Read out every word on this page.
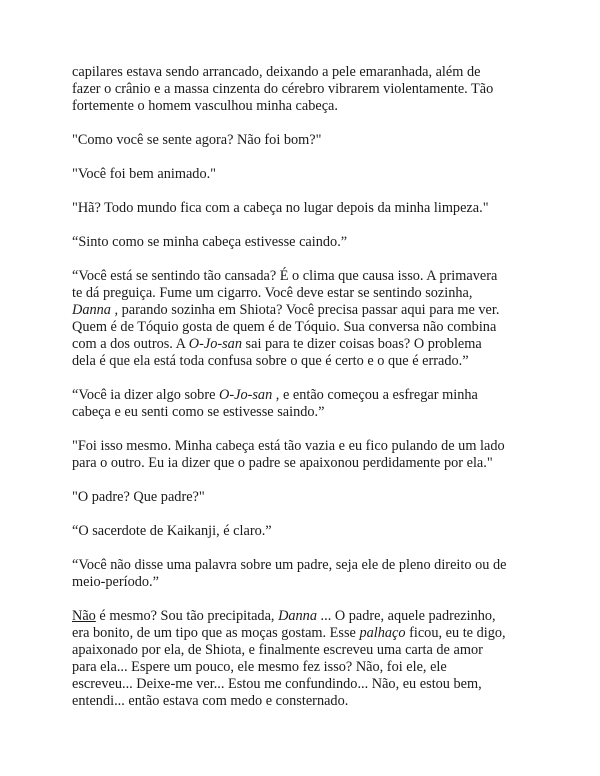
capilares estava sendo arrancado, deixando a pele emaranhada, além de
fazer o crânio e a massa cinzenta do cérebro vibrarem violentamente. Tão
fortemente o homem vasculhou minha cabeça.

"Como você se sente agora? Não foi bom?"

"Você foi bem animado."

"Hã? Todo mundo fica com a cabeça no lugar depois da minha limpeza."

“Sinto como se minha cabeça estivesse caindo.”

“Você está se sentindo tão cansada? É o clima que causa isso. A primavera
te dá preguiça. Fume um cigarro. Você deve estar se sentindo sozinha,
Danna , parando sozinha em Shiota? Você precisa passar aqui para me ver.
Quem é de Tóquio gosta de quem é de Tóquio. Sua conversa não combina
com a dos outros. A O-Jo-san sai para te dizer coisas boas? O problema
dela é que ela está toda confusa sobre o que é certo e o que é errado.”

“Você ia dizer algo sobre O-Jo-san , e então começou a esfregar minha
cabeça e eu senti como se estivesse saindo.”

"Foi isso mesmo. Minha cabeça está tão vazia e eu fico pulando de um lado
para o outro. Eu ia dizer que o padre se apaixonou perdidamente por ela."

"O padre? Que padre?"

“O sacerdote de Kaikanji, é claro.”

“Você não disse uma palavra sobre um padre, seja ele de pleno direito ou de
meio-período.”

Não é mesmo? Sou tão precipitada, Danna ... O padre, aquele padrezinho,
era bonito, de um tipo que as moças gostam. Esse palhaço ficou, eu te digo,
apaixonado por ela, de Shiota, e finalmente escreveu uma carta de amor
para ela... Espere um pouco, ele mesmo fez isso? Não, foi ele, ele
escreveu... Deixe-me ver... Estou me confundindo... Não, eu estou bem,
entendi... então estava com medo e consternado.
